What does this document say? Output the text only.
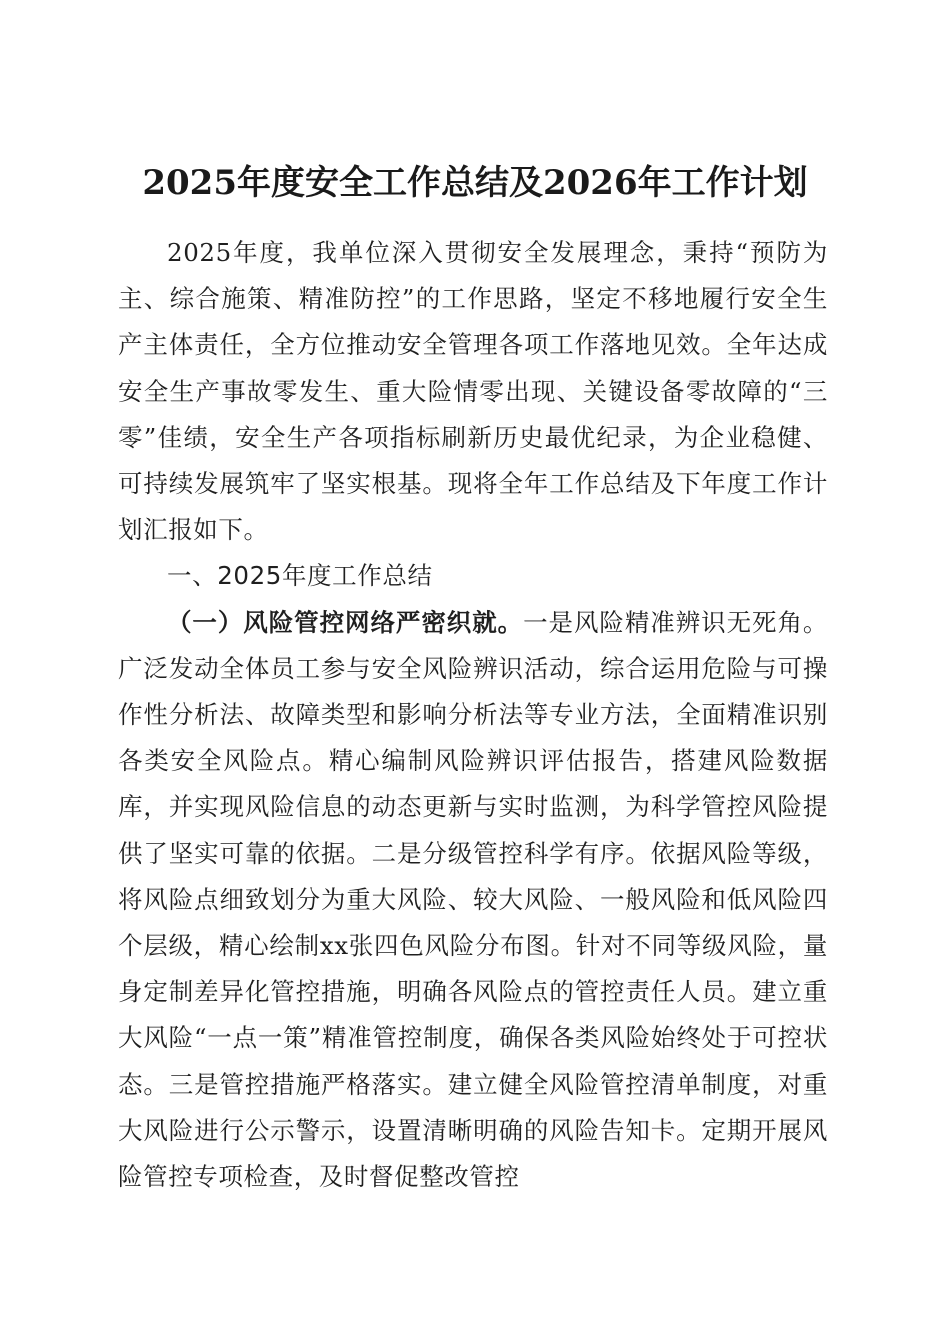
2025年度安全工作总结及2026年工作计划

2025年度，我单位深入贯彻安全发展理念，秉持“预防为主、综合施策、精准防控”的工作思路，坚定不移地履行安全生产主体责任，全方位推动安全管理各项工作落地见效。全年达成安全生产事故零发生、重大险情零出现、关键设备零故障的“三零”佳绩，安全生产各项指标刷新历史最优纪录，为企业稳健、可持续发展筑牢了坚实根基。现将全年工作总结及下年度工作计划汇报如下。

一、2025年度工作总结

（一）风险管控网络严密织就。一是风险精准辨识无死角。广泛发动全体员工参与安全风险辨识活动，综合运用危险与可操作性分析法、故障类型和影响分析法等专业方法，全面精准识别各类安全风险点。精心编制风险辨识评估报告，搭建风险数据库，并实现风险信息的动态更新与实时监测，为科学管控风险提供了坚实可靠的依据。二是分级管控科学有序。依据风险等级，将风险点细致划分为重大风险、较大风险、一般风险和低风险四个层级，精心绘制xx张四色风险分布图。针对不同等级风险，量身定制差异化管控措施，明确各风险点的管控责任人员。建立重大风险“一点一策”精准管控制度，确保各类风险始终处于可控状态。三是管控措施严格落实。建立健全风险管控清单制度，对重大风险进行公示警示，设置清晰明确的风险告知卡。定期开展风险管控专项检查，及时督促整改管控
